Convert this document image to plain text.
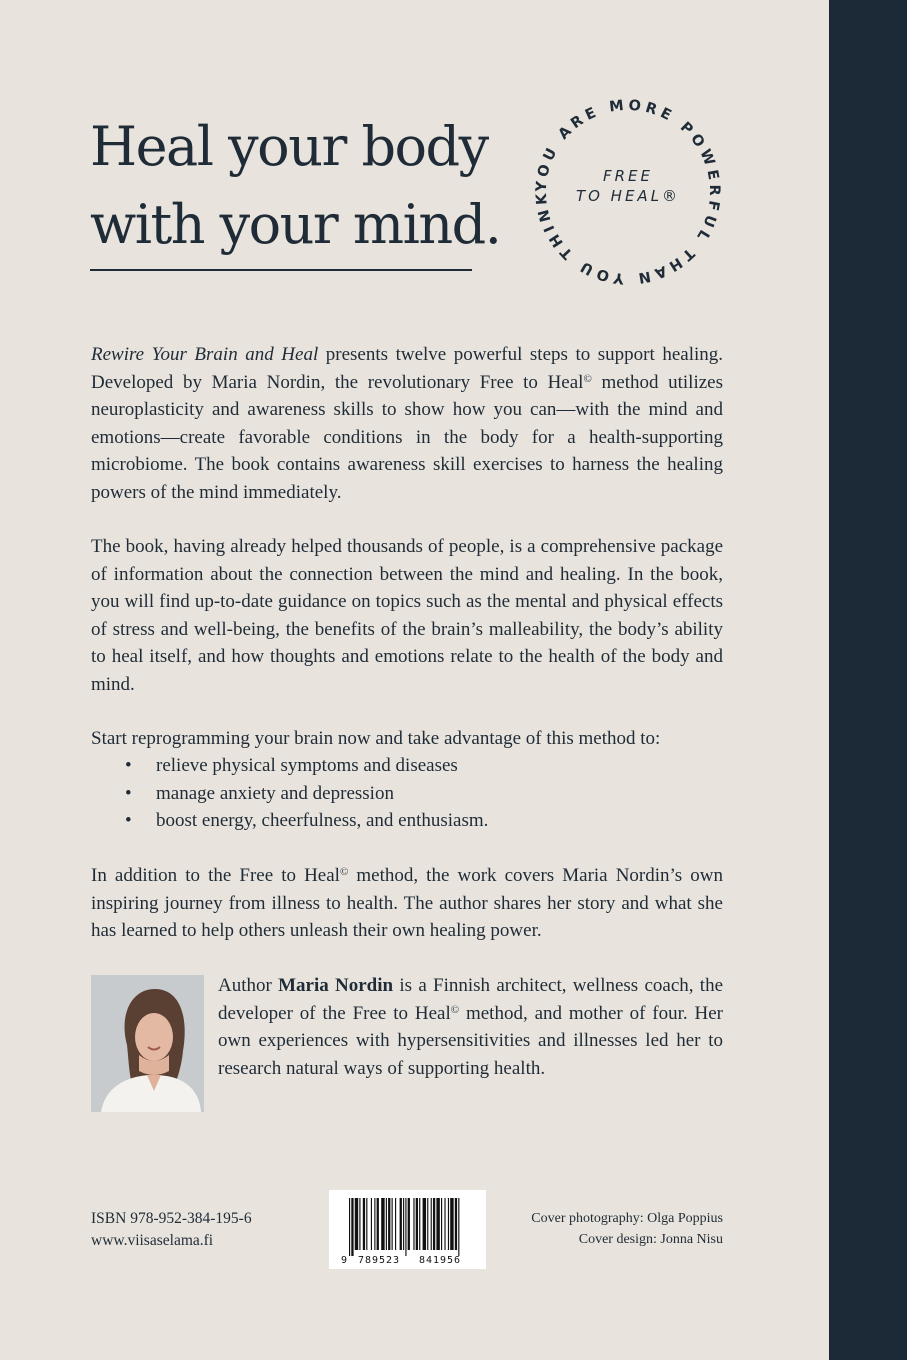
Heal your body
with your mind.
YOU ARE MORE POWERFUL THAN YOU THINK
FREE
TO HEAL®

Rewire Your Brain and Heal presents twelve powerful steps to support healing. Developed by Maria Nordin, the revolutionary Free to Heal© method utilizes neuroplasticity and awareness skills to show how you can—with the mind and emotions—create favorable conditions in the body for a health-supporting microbiome. The book contains awareness skill exercises to harness the healing powers of the mind immediately.

The book, having already helped thousands of people, is a comprehensive package of information about the connection between the mind and healing. In the book, you will find up-to-date guidance on topics such as the mental and physical effects of stress and well-being, the benefits of the brain’s malleability, the body’s ability to heal itself, and how thoughts and emotions relate to the health of the body and mind.

Start reprogramming your brain now and take advantage of this method to:

• relieve physical symptoms and diseases
• manage anxiety and depression
• boost energy, cheerfulness, and enthusiasm.

In addition to the Free to Heal© method, the work covers Maria Nordin’s own inspiring journey from illness to health. The author shares her story and what she has learned to help others unleash their own healing power.

Author Maria Nordin is a Finnish architect, wellness coach, the developer of the Free to Heal© method, and mother of four. Her own experiences with hypersensitivities and illnesses led her to research natural ways of supporting health.

ISBN 978-952-384-195-6
www.viisaselama.fi
9 789523 841956
Cover photography: Olga Poppius
Cover design: Jonna Nisu
